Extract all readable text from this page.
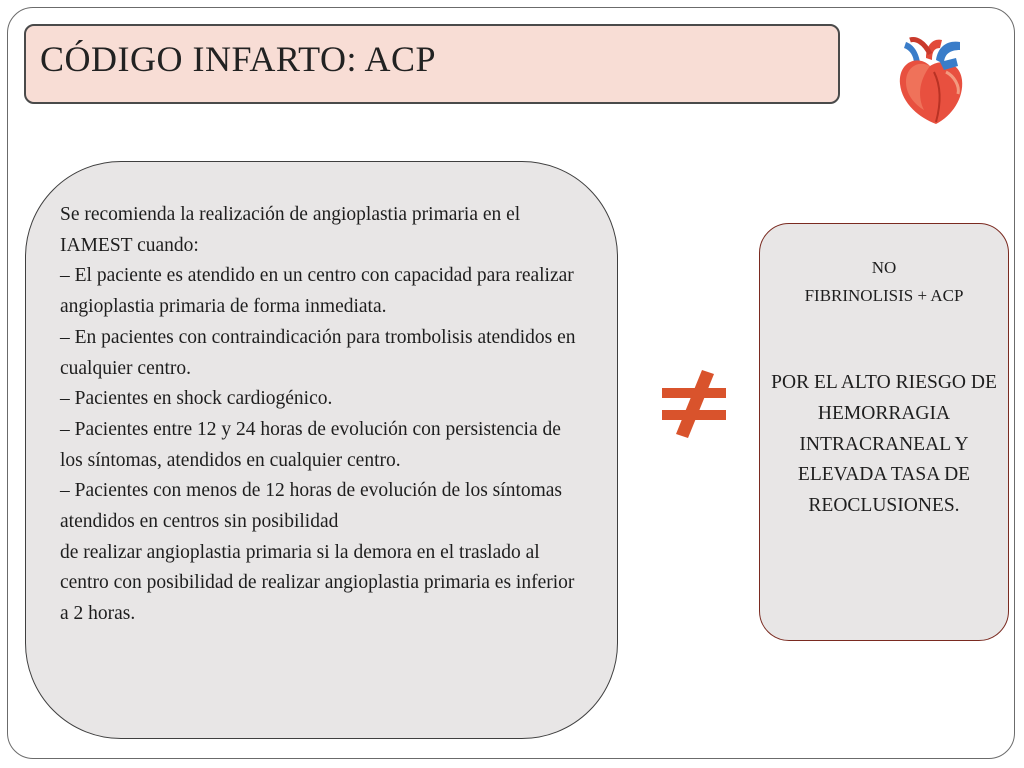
CÓDIGO INFARTO: ACP

Se recomienda la realización de angioplastia primaria en el IAMEST cuando:

– El paciente es atendido en un centro con capacidad para realizar angioplastia primaria de forma inmediata.

– En pacientes con contraindicación para trombolisis atendidos en cualquier centro.

– Pacientes en shock cardiogénico.

– Pacientes entre 12 y 24 horas de evolución con persistencia de los síntomas, atendidos en cualquier centro.

– Pacientes con menos de 12 horas de evolución de los síntomas atendidos en centros sin posibilidad

de realizar angioplastia primaria si la demora en el traslado al centro con posibilidad de realizar angioplastia primaria es inferior a 2 horas.

NO
FIBRINOLISIS + ACP
POR EL ALTO RIESGO DE HEMORRAGIA INTRACRANEAL Y ELEVADA TASA DE REOCLUSIONES.
